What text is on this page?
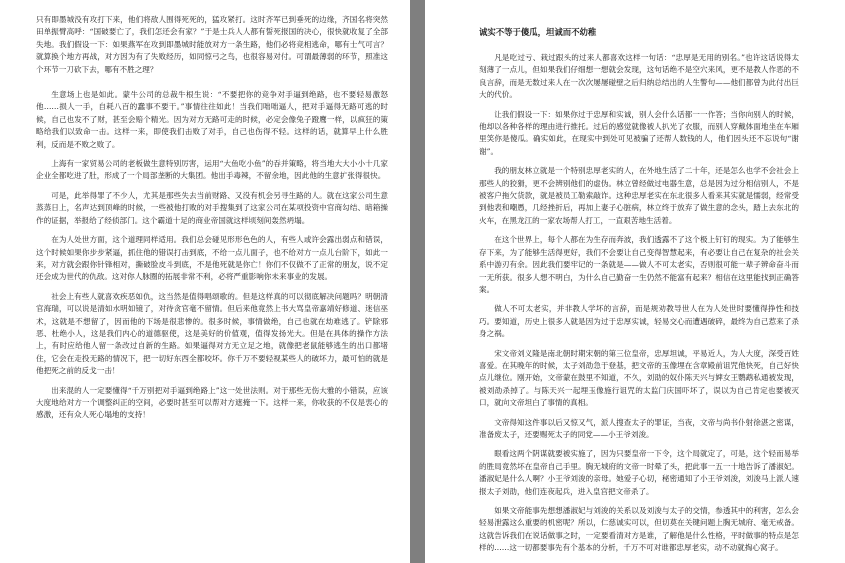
只有即墨城没有攻打下来，他们将敌人围得死死的，猛攻紧打。这时齐军已到垂死的边缘，齐国名将突然田单振臂高呼：“国破要亡了，我们怎还会有家？”于是士兵人人都有誓死报国的决心，很快就收复了全部失地。我们假设一下：如果燕军在攻到即墨城时能放对方一条生路，他们必将竞相逃命，哪有士气可言？就算换个地方再战，对方因为有了失败经历，如同惊弓之鸟，也很容易对付。可谓最薄弱的环节，照准这个环节一刀砍下去，哪有不胜之理？

生意场上也是如此。蒙牛公司的总裁牛根生说：“不要把你的竞争对手逼到绝路，也不要轻易激怒他……损人一手，自耗八百的蠢事不要干。”事情往往如此！当我们咄咄逼人，把对手逼得无路可逃的时候，自己也发不了财，甚至会赔个精光。因为对方无路可走的时候，必定会像兔子蹬鹰一样，以疯狂的策略给我们以致命一击。这样一来，即使我们击败了对手，自己也伤得不轻。这样的话，就算早上什么胜利，反而是不败之败了。

上海有一家贸易公司的老板做生意特别厉害，运用“大鱼吃小鱼”的吞并策略，将当地大大小小十几家企业全都吃进了肚，形成了一个局部垄断的大集团。他出手毒辣，不留余地，因此他的生意扩张得很快。

可是，此举得罪了不少人，尤其是那些失去当前财路、又没有机会另寻生路的人。就在这家公司生意蒸蒸日上，名声达到顶峰的时候，一些被他打败的对手搜集到了这家公司在某项投资中官商勾结、暗箱操作的证据，举报给了经侦部门。这个霸道十足的商业帝国就这样顷刻间轰然坍塌。

在为人处世方面，这个道理同样适用。我们总会碰见形形色色的人，有些人或许会露出弱点和错误，这个时候如果你步步紧逼，抓住他的错误打击到底，不给一点儿面子，也不给对方一点儿台阶下，如此一来，对方就会跟你针锋相对，撕破脸皮斗到底，不是他死就是你亡！你们不仅做不了正常的朋友，说不定还会成为世代的仇敌。这对你人脉圈的拓展非常不利，必将严重影响你未来事业的发展。

社会上有些人就喜欢疾恶如仇，这当然是值得唱颂歌的。但是这样真的可以彻底解决问题吗？明朝清官海瑞，可以说是清如水明如镜了，对待贪官毫不留情。但后来他竟然上书大骂皇帝嘉靖好修道、迷信巫术，这就是不想留了，因而他的下场是很悲惨的。很多时候，事情做绝，自己也就在劫难逃了。铲除邪恶、杜绝小人，这是我们内心的道德驱使，这是美好的价值观，值得发扬光大。但是在具体的操作方法上，有时应给他人留一条改过自新的生路。如果逼得对方无立足之地，就像把老鼠能够逃生的出口都堵住，它会在走投无路的情况下，把一切好东西全都咬坏。你千万不要轻视某些人的破坏力，最可怕的就是他把死之前的反戈一击！

出来混的人一定要懂得“千万别把对手逼到绝路上”这一处世法则。对于那些无伤大雅的小错误，应该大度地给对方一个调整纠正的空间，必要时甚至可以帮对方遮掩一下。这样一来，你收获的不仅是衷心的感激，还有众人死心塌地的支持！

诚实不等于傻瓜，坦诚而不幼稚

凡是吃过亏、栽过跟头的过来人都喜欢这样一句话：“忠厚是无用的别名。”也许这话说得太刻薄了一点儿，但如果我们仔细想一想就会发现，这句话绝不是空穴来风，更不是教人作恶的不良言辞，而是无数过来人在一次次屡屡碰壁之后归纳总结出的人生警句——他们都曾为此付出巨大的代价。

让我们假设一下：如果你过于忠厚和实诚，别人会什么话都一一作答；当你向别人的时候，他却以各种各样的理由进行推托。过后的感觉就像被人扒光了衣服，而别人穿戴体面地坐在车厢里笑你是傻瓜。确实如此，在现实中到处可见被骗了还帮人数钱的人，他们因头还不忘说句“谢谢”。

我的朋友林立就是一个特别忠厚老实的人，在外地生活了二十年，还是怎么也学不会社会上那些人的狡猾，更不会辨别他们的虚伪。林立曾经做过电器生意，总是因为过分相信别人，不是被客户拖欠货款，就是被员工勒索敲诈。这种忠厚老实在东北很多人看来其实就是懦弱，经常受到他表和嘲愚，几经挫折后，再加上妻子心脏病，林立终于放弃了做生意的念头，踏上去东北的火车，在黑龙江的一家农场帮人打工，一直艰苦地生活着。

在这个世界上，每个人都在为生存而奔波，我们透露不了这个极上钉钉的现实。为了能够生存下来，为了能够生活得更好，我们不会要让自己变得智慧起来，有必要让自己在复杂的社会关系中游刃有余。因此我们要牢记的一条就是——做人不可太老实，否则很可能一辈子辨命奋斗而一无所获。很多人想不明白，为什么自己勤奋一生仍然不能富有起来？相信在这里能找到正确答案。

做人不可太老实，并非教人学坏的言辞，而是规劝教导世人在为人处世时要懂得挣性和技巧。要知道，历史上很多人就是因为过于忠厚实诚，轻易交心而遭遇破碎，最终为自己惹来了杀身之祸。

宋文帝刘义隆是南北朝时期宋朝的第三位皇帝，忠厚坦诚，平易近人，为人大度，深受百姓喜爱。在其晚年的时候，太子刘劭急于登基，把文帝的玉像埋在含章殿前诅咒他快死，自己好快点儿继位。刚开始，文帝蒙在鼓里不知道，不久，刘劭的奴仆陈天兴与婢女王鹦鹉私通被发现，被刘劭杀掉了。与陈天兴一起埋玉像施行诅咒的太监门庆国吓坏了，误以为自己肯定也要被灭口，就向文帝坦白了事情的真相。

文帝得知这件事以后又惊又气，派人搜查太子的罪证，当夜，文帝与尚书仆射徐湛之密谋，准备废太子，还要赐死太子的同党——小王爷刘浚。

眼看这两个阴谋就要被实施了，因为只要皇帝一下令，这个局就定了，可是，这个轻而易举的胜局竟然坏在皇帝自己手里。胸无城府的文帝一时晕了头，把此事一五一十地告诉了潘淑妃。潘淑妃是什么人啊？小王爷刘浚的亲母。她爱子心切，秘密通知了小王爷刘浚，刘浚马上派人速报太子刘劭，他们连夜起兵，进入皇宫把文帝杀了。

如果文帝能事先想想潘淑妃与刘浚的关系以及刘浚与太子的交情，参透其中的利害，怎么会轻易泄露这么重要的机密呢？所以，仁慈诚实可以，但切莫在关键问题上胸无城府、毫无戒备。这就告诉我们在说话做事之时，一定要看清对方是谁，了解他是什么性格，平时做事的特点是怎样的……这一切都要事先有个基本的分析，千万不可对谁都忠厚老实，动不动就掏心窝子。
